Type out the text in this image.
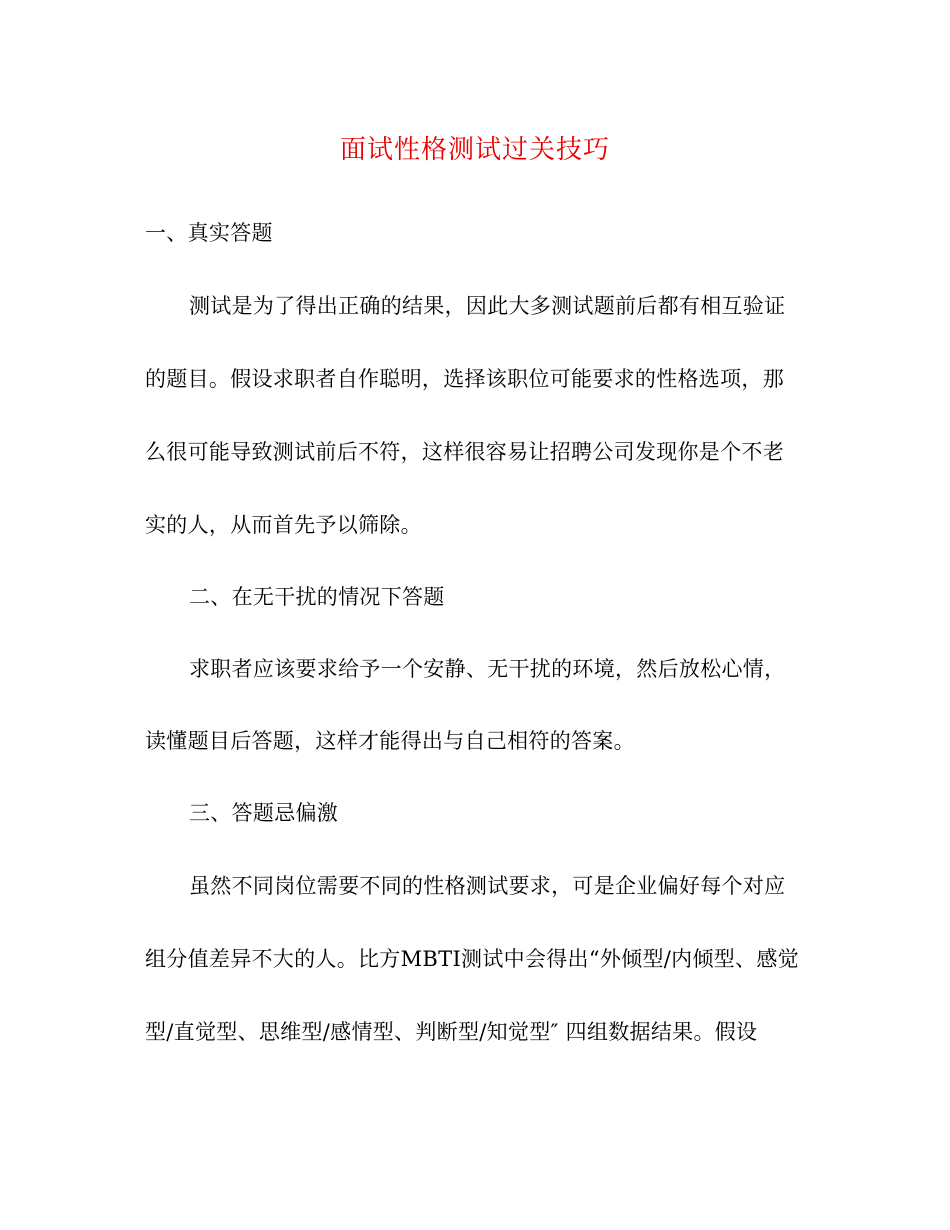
面试性格测试过关技巧
一、真实答题
测试是为了得出正确的结果，因此大多测试题前后都有相互验证
的题目。假设求职者自作聪明，选择该职位可能要求的性格选项，那
么很可能导致测试前后不符，这样很容易让招聘公司发现你是个不老
实的人，从而首先予以筛除。
二、在无干扰的情况下答题
求职者应该要求给予一个安静、无干扰的环境，然后放松心情，
读懂题目后答题，这样才能得出与自己相符的答案。
三、答题忌偏激
虽然不同岗位需要不同的性格测试要求，可是企业偏好每个对应
组分值差异不大的人。比方MBTI测试中会得出“外倾型/内倾型、感觉
型/直觉型、思维型/感情型、判断型/知觉型″ 四组数据结果。假设
